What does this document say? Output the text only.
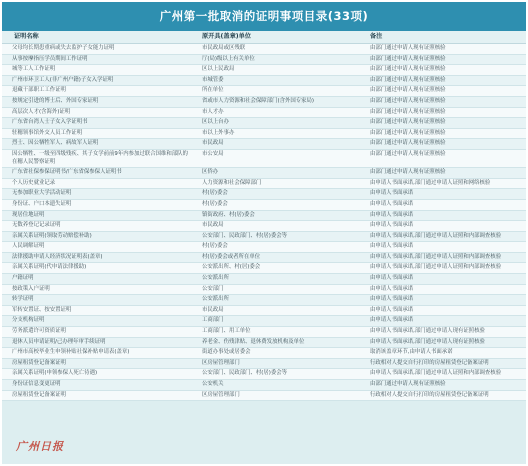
广州第一批取消的证明事项目录(33项)
证明名称	原开具(盖章)单位	备注
父母均长期患重病或失去监护子女能力证明	市民政局或区残联	由部门通过申请人现有证照核验
从事按摩指压学员期间工作证明	厅(局)级以上有关单位	由部门通过申请人现有证照核验
城等工人工作证明	区以上民政局	由部门通过申请人现有证照核验
广州市环卫工人(非广州户籍)子女入学证明	市城管委	由部门通过申请人现有证照核验
退藏干部职工工作证明	所在单位	由部门通过申请人现有证照核验
按规定引进的博士后、外国专家证明	省或市人力资源和社会保障部门(含外国专家局)	由部门通过申请人现有证照核验
高层次人才(含海外)证明	市人才办	由部门通过申请人现有证照核验
广东省台湾人士子女入学证明书	区以上台办	由部门通过申请人现有证照核验
驻穗领事馆外交人员工作证明	市以上外事办	由部门通过申请人现有证照核验
烈士、因公牺牲军人、病故军人证明	市民政局	由部门通过申请人现有证照核验
因公牺牲、一级至四级残疾、其子女学前前9年内参加过联合国维和部队的在穗人民警察证明
市公安局	由部门通过申请人现有证照核验
广东省社保参保证明书/广东省保参保人证明书	区侨办	由部门通过申请人现有证照核验
个人历史就业记录	人力资源和社会保障部门	由申请人书面承诺,部门通过申请人证照和网络核验
无参加职业大学活动证明	村(居)委会	由申请人书面承诺
身份证、户口本遗失证明	村(居)委会	由申请人书面承诺
现居住地证明	镇街政府、村(居)委会	由申请人书面承诺
无数养登记记录证明	市民政局	由申请人书面承诺
亲属关系证明(领取劳动赔偿补助)	公安部门、民政部门、村(居)委会等	由申请人书面承诺,部门通过申请人证照和内部调查核验
人民调解证明	村(居)委会	由申请人书面承诺
法律援助申请人经济状况证明表(盖章)	村(居)委会或者所在单位	由申请人书面承诺,部门通过申请人证照和内部调查核验
亲属关系证明(代申请法律援助)	公安派出所、村(居)委会	由申请人书面承诺,部门通过申请人证照和内部调查核验
户籍证明	公安派出所	由申请人书面承诺
按政策入户证明	公安部门	由申请人书面承诺
转学证明	公安派出所	由申请人书面承诺
军转安置证、按安置证明	市民政局	由申请人书面承诺
分支机构证明	工商部门	由申请人书面承诺
劳务派遣许可资质证明	工商部门、用工单位	由申请人书面承诺,部门通过申请人现有证照核验
退休人员申请证明/己办理年审手续证明	养老金、伤残津贴、退休费发放机构及单位	由申请人书面承诺,部门通过申请人现有证照核验
广州市高校毕业生申领补贴社保补贴申请表(盖章)	街道办事处或居委会	取消该盖章环节,由申请人书面承诺
房屋租赁登记备案证明	区房屋管理部门	行政相对人提交自行打印的房屋租赁登记备案证明
亲属关系证明(申领参保人死亡待遇)	公安部门、民政部门、村(居)委会等	由申请人书面承诺,部门通过申请人证照和内部调查核验
身份证信息变更证明	公安机关	由部门通过申请人现有证照核验
房屋租赁登记备案证明	区房屋管理部门	行政相对人提交自行打印的房屋租赁登记备案证明
广州日报
